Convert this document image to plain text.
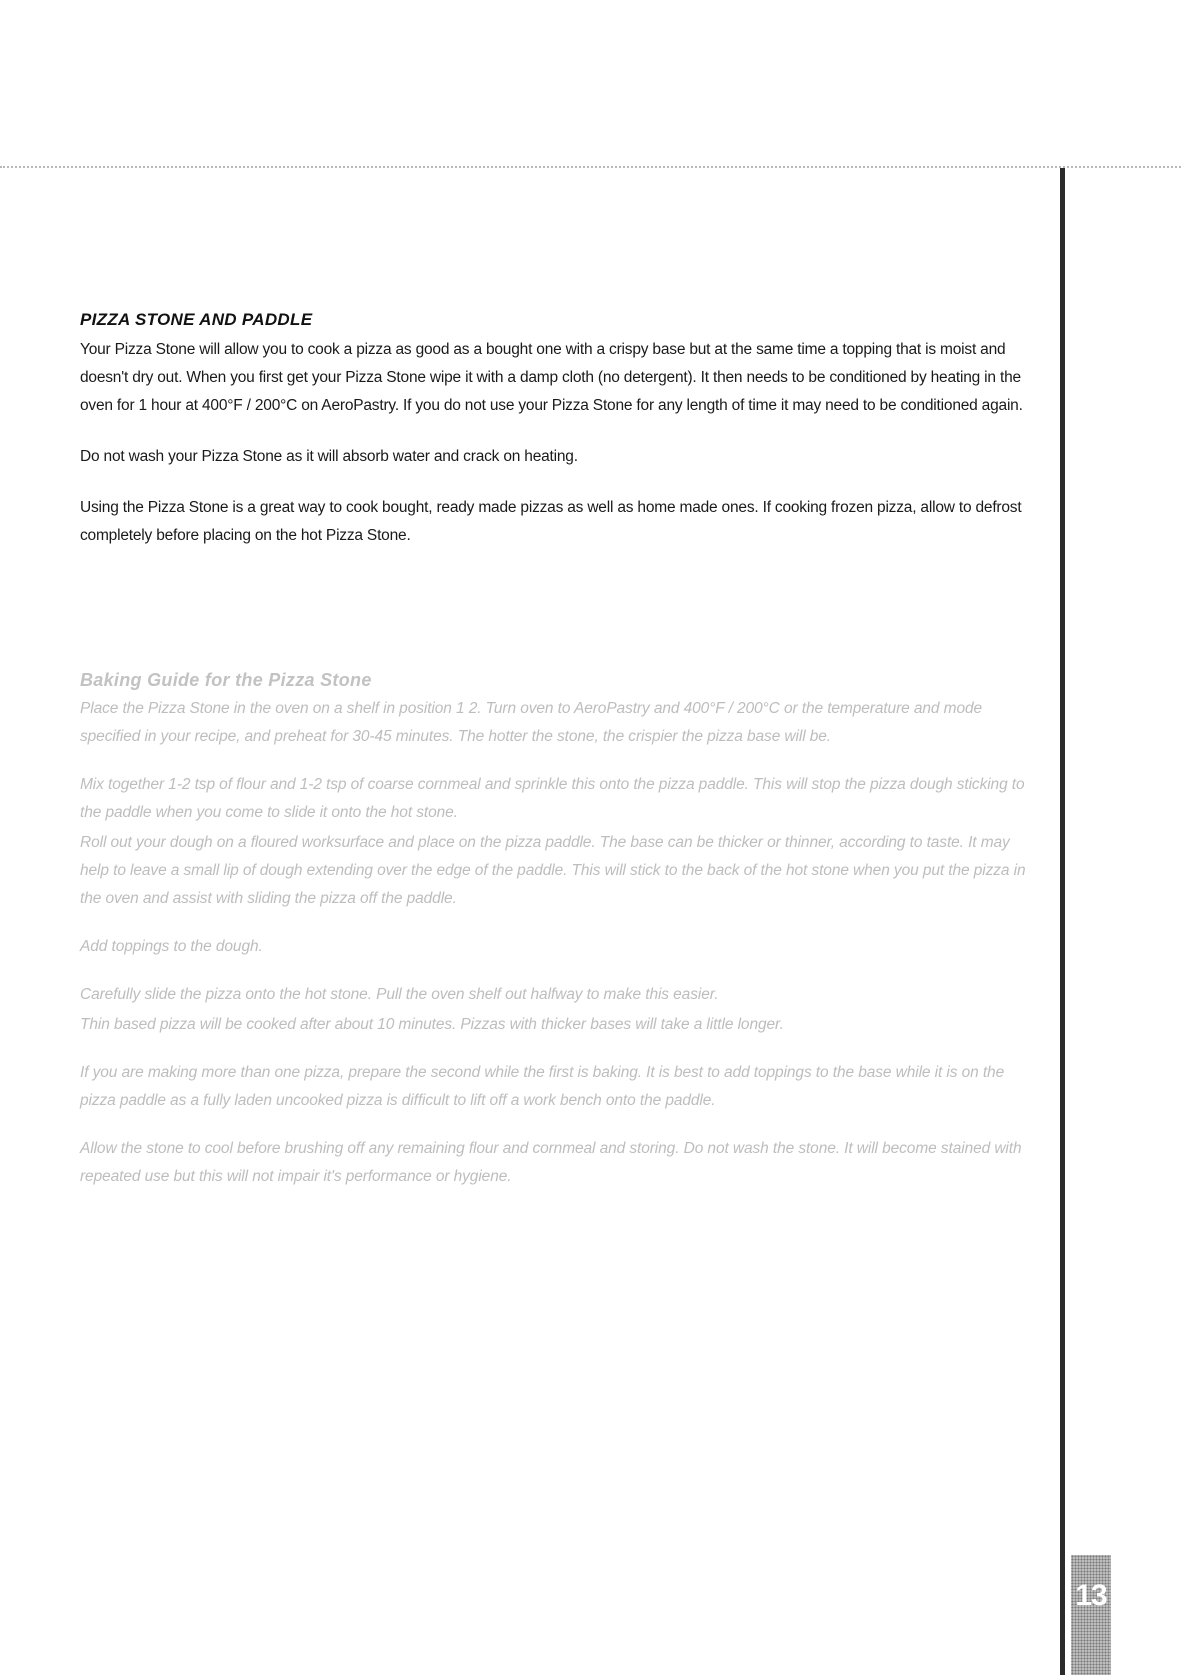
13
PIZZA STONE AND PADDLE

Your Pizza Stone will allow you to cook a pizza as good as a bought one with a crispy base but at the same time a topping that is moist and doesn't dry out. When you first get your Pizza Stone wipe it with a damp cloth (no detergent). It then needs to be conditioned by heating in the oven for 1 hour at 400°F / 200°C on AeroPastry. If you do not use your Pizza Stone for any length of time it may need to be conditioned again.

Do not wash your Pizza Stone as it will absorb water and crack on heating.

Using the Pizza Stone is a great way to cook bought, ready made pizzas as well as home made ones. If cooking frozen pizza, allow to defrost completely before placing on the hot Pizza Stone.

Baking Guide for the Pizza Stone

Place the Pizza Stone in the oven on a shelf in position 1 2. Turn oven to AeroPastry and 400°F / 200°C or the temperature and mode specified in your recipe, and preheat for 30-45 minutes. The hotter the stone, the crispier the pizza base will be.

Mix together 1-2 tsp of flour and 1-2 tsp of coarse cornmeal and sprinkle this onto the pizza paddle. This will stop the pizza dough sticking to the paddle when you come to slide it onto the hot stone.

Roll out your dough on a floured worksurface and place on the pizza paddle. The base can be thicker or thinner, according to taste. It may help to leave a small lip of dough extending over the edge of the paddle. This will stick to the back of the hot stone when you put the pizza in the oven and assist with sliding the pizza off the paddle.

Add toppings to the dough.

Carefully slide the pizza onto the hot stone. Pull the oven shelf out halfway to make this easier.

Thin based pizza will be cooked after about 10 minutes. Pizzas with thicker bases will take a little longer.

If you are making more than one pizza, prepare the second while the first is baking. It is best to add toppings to the base while it is on the pizza paddle as a fully laden uncooked pizza is difficult to lift off a work bench onto the paddle.

Allow the stone to cool before brushing off any remaining flour and cornmeal and storing. Do not wash the stone. It will become stained with repeated use but this will not impair it's performance or hygiene.
